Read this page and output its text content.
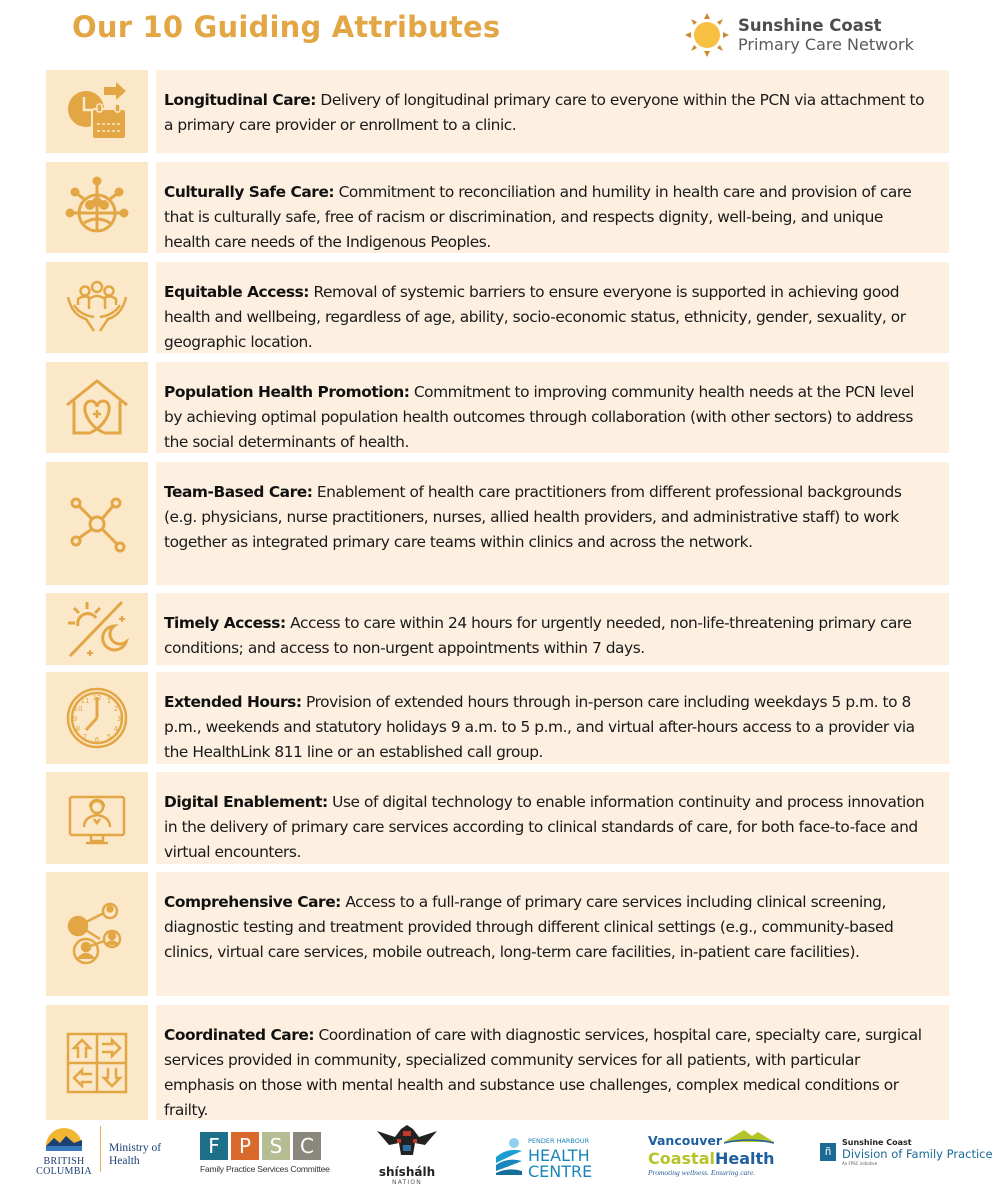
Our 10 Guiding Attributes	Sunshine Coast
Primary Care Network
Longitudinal Care: Delivery of longitudinal primary care to everyone within the PCN via attachment to a primary care provider or enrollment to a clinic.
Culturally Safe Care: Commitment to reconciliation and humility in health care and provision of care that is culturally safe, free of racism or discrimination, and respects dignity, well-being, and unique health care needs of the Indigenous Peoples.
Equitable Access: Removal of systemic barriers to ensure everyone is supported in achieving good health and wellbeing, regardless of age, ability, socio-economic status, ethnicity, gender, sexuality, or geographic location.
Population Health Promotion: Commitment to improving community health needs at the PCN level by achieving optimal population health outcomes through collaboration (with other sectors) to address the social determinants of health.
Team-Based Care: Enablement of health care practitioners from different professional backgrounds (e.g. physicians, nurse practitioners, nurses, allied health providers, and administrative staff) to work together as integrated primary care teams within clinics and across the network.
Timely Access: Access to care within 24 hours for urgently needed, non-life-threatening primary care conditions; and access to non-urgent appointments within 7 days.
12 1
2
3
4
5
6
7
8
9
10
11	Extended Hours: Provision of extended hours through in-person care including weekdays 5 p.m. to 8 p.m., weekends and statutory holidays 9 a.m. to 5 p.m., and virtual after-hours access to a provider via the HealthLink 811 line or an established call group.
Digital Enablement: Use of digital technology to enable information continuity and process innovation in the delivery of primary care services according to clinical standards of care, for both face-to-face and virtual encounters.
Comprehensive Care: Access to a full-range of primary care services including clinical screening, diagnostic testing and treatment provided through different clinical settings (e.g., community-based clinics, virtual care services, mobile outreach, long-term care facilities, in-patient care facilities).
Coordinated Care: Coordination of care with diagnostic services, hospital care, specialty care, surgical services provided in community, specialized community services for all patients, with particular emphasis on those with mental health and substance use challenges, complex medical conditions or frailty.
BRITISH
COLUMBIA
Ministry of
Health
F P S C
Family Practice Services Committee	shíshálh
NATION
PENDER HARBOUR
HEALTH
CENTRE
Vancouver
CoastalHealth
Promoting wellness. Ensuring care.
ñ
Sunshine Coast
Division of Family Practice
An FPSC initiative
